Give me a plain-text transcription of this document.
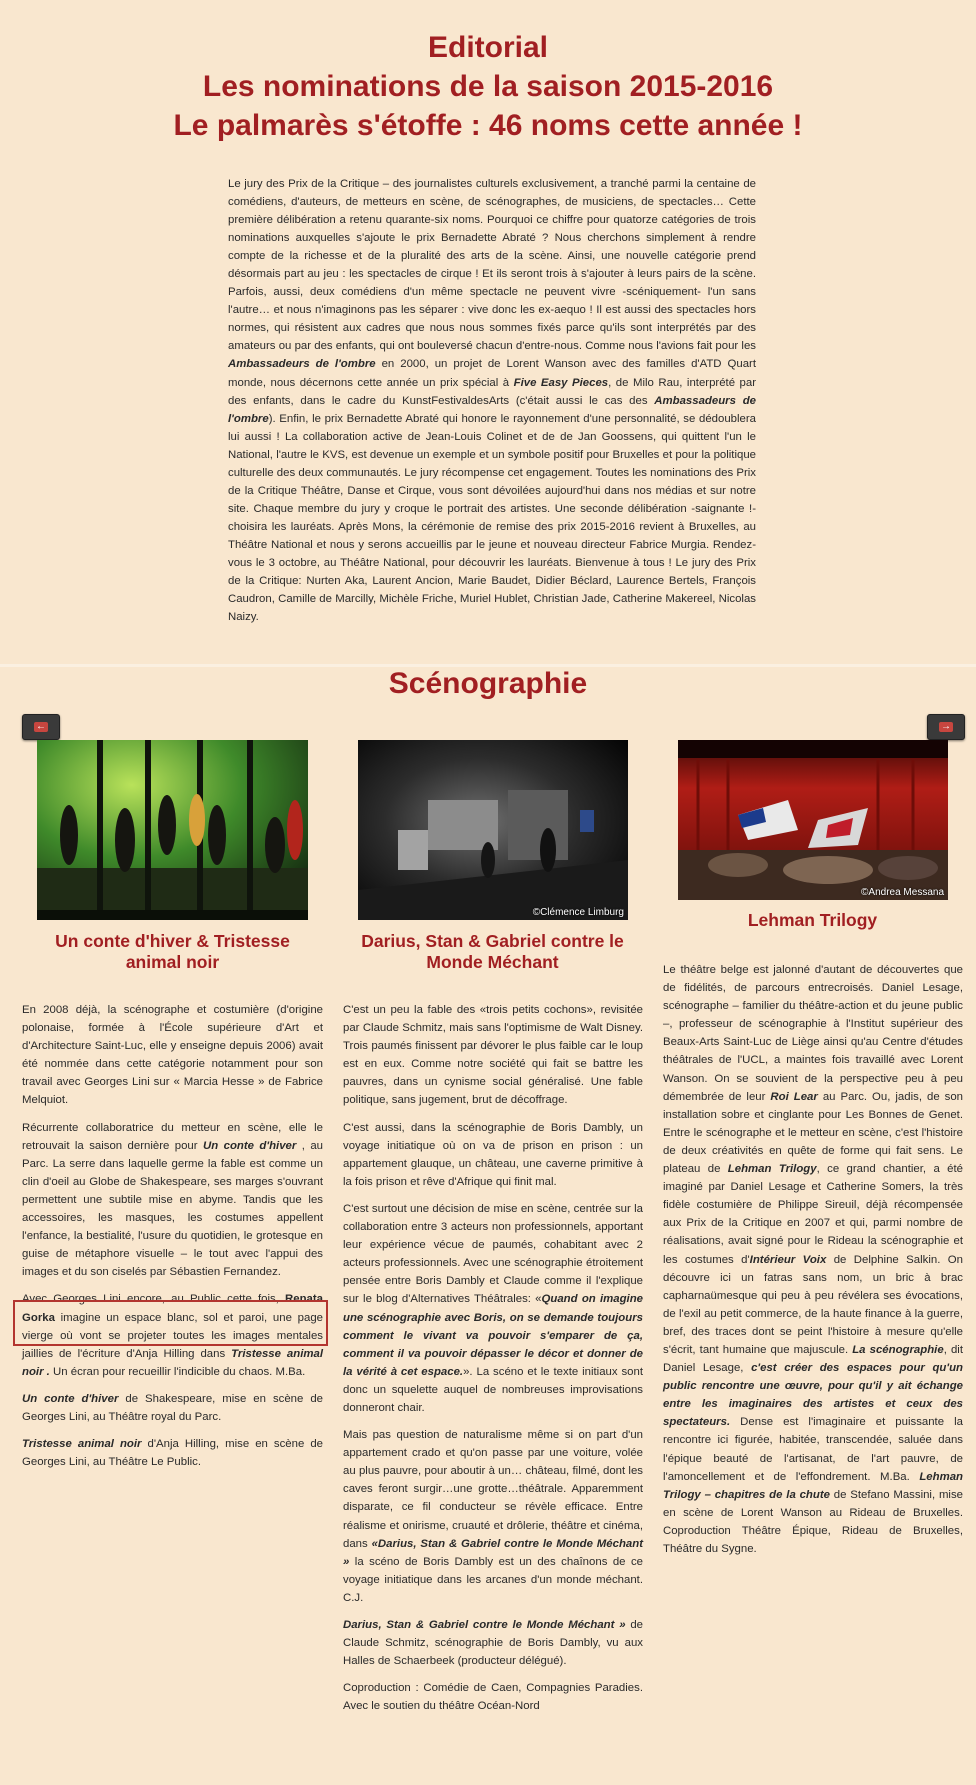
Editorial
Les nominations de la saison 2015-2016
Le palmarès s'étoffe : 46 noms cette année !
Le jury des Prix de la Critique – des journalistes culturels exclusivement, a tranché parmi la centaine de comédiens, d'auteurs, de metteurs en scène, de scénographes, de musiciens, de spectacles… Cette première délibération a retenu quarante-six noms. Pourquoi ce chiffre pour quatorze catégories de trois nominations auxquelles s'ajoute le prix Bernadette Abraté ? Nous cherchons simplement à rendre compte de la richesse et de la pluralité des arts de la scène. Ainsi, une nouvelle catégorie prend désormais part au jeu : les spectacles de cirque ! Et ils seront trois à s'ajouter à leurs pairs de la scène. Parfois, aussi, deux comédiens d'un même spectacle ne peuvent vivre -scéniquement- l'un sans l'autre… et nous n'imaginons pas les séparer : vive donc les ex-aequo ! Il est aussi des spectacles hors normes, qui résistent aux cadres que nous nous sommes fixés parce qu'ils sont interprétés par des amateurs ou par des enfants, qui ont bouleversé chacun d'entre-nous. Comme nous l'avions fait pour les Ambassadeurs de l'ombre en 2000, un projet de Lorent Wanson avec des familles d'ATD Quart monde, nous décernons cette année un prix spécial à Five Easy Pieces, de Milo Rau, interprété par des enfants, dans le cadre du KunstFestivaldesArts (c'était aussi le cas des Ambassadeurs de l'ombre). Enfin, le prix Bernadette Abraté qui honore le rayonnement d'une personnalité, se dédoublera lui aussi ! La collaboration active de Jean-Louis Colinet et de de Jan Goossens, qui quittent l'un le National, l'autre le KVS, est devenue un exemple et un symbole positif pour Bruxelles et pour la politique culturelle des deux communautés. Le jury récompense cet engagement. Toutes les nominations des Prix de la Critique Théâtre, Danse et Cirque, vous sont dévoilées aujourd'hui dans nos médias et sur notre site. Chaque membre du jury y croque le portrait des artistes. Une seconde délibération -saignante !- choisira les lauréats. Après Mons, la cérémonie de remise des prix 2015-2016 revient à Bruxelles, au Théâtre National et nous y serons accueillis par le jeune et nouveau directeur Fabrice Murgia. Rendez-vous le 3 octobre, au Théâtre National, pour découvrir les lauréats. Bienvenue à tous ! Le jury des Prix de la Critique: Nurten Aka, Laurent Ancion, Marie Baudet, Didier Béclard, Laurence Bertels, François Caudron, Camille de Marcilly, Michèle Friche, Muriel Hublet, Christian Jade, Catherine Makereel, Nicolas Naizy.
Scénographie
←	→
Un conte d'hiver & Tristesse animal noir

En 2008 déjà, la scénographe et costumière (d'origine polonaise, formée à l'École supérieure d'Art et d'Architecture Saint-Luc, elle y enseigne depuis 2006) avait été nommée dans cette catégorie notamment pour son travail avec Georges Lini sur « Marcia Hesse » de Fabrice Melquiot.

Récurrente collaboratrice du metteur en scène, elle le retrouvait la saison dernière pour Un conte d'hiver , au Parc. La serre dans laquelle germe la fable est comme un clin d'oeil au Globe de Shakespeare, ses marges s'ouvrant permettent une subtile mise en abyme. Tandis que les accessoires, les masques, les costumes appellent l'enfance, la bestialité, l'usure du quotidien, le grotesque en guise de métaphore visuelle – le tout avec l'appui des images et du son ciselés par Sébastien Fernandez.

Avec Georges Lini encore, au Public cette fois, Renata Gorka imagine un espace blanc, sol et paroi, une page vierge où vont se projeter toutes les images mentales jaillies de l'écriture d'Anja Hilling dans Tristesse animal noir . Un écran pour recueillir l'indicible du chaos. M.Ba.

Un conte d'hiver de Shakespeare, mise en scène de Georges Lini, au Théâtre royal du Parc.

Tristesse animal noir d'Anja Hilling, mise en scène de Georges Lini, au Théâtre Le Public.

©Clémence Limburg
Darius, Stan & Gabriel contre le Monde Méchant

C'est un peu la fable des «trois petits cochons», revisitée par Claude Schmitz, mais sans l'optimisme de Walt Disney. Trois paumés finissent par dévorer le plus faible car le loup est en eux. Comme notre société qui fait se battre les pauvres, dans un cynisme social généralisé. Une fable politique, sans jugement, brut de décoffrage.

C'est aussi, dans la scénographie de Boris Dambly, un voyage initiatique où on va de prison en prison : un appartement glauque, un château, une caverne primitive à la fois prison et rêve d'Afrique qui finit mal.

C'est surtout une décision de mise en scène, centrée sur la collaboration entre 3 acteurs non professionnels, apportant leur expérience vécue de paumés, cohabitant avec 2 acteurs professionnels. Avec une scénographie étroitement pensée entre Boris Dambly et Claude comme il l'explique sur le blog d'Alternatives Théâtrales: «Quand on imagine une scénographie avec Boris, on se demande toujours comment le vivant va pouvoir s'emparer de ça, comment il va pouvoir dépasser le décor et donner de la vérité à cet espace.». La scéno et le texte initiaux sont donc un squelette auquel de nombreuses improvisations donneront chair.

Mais pas question de naturalisme même si on part d'un appartement crado et qu'on passe par une voiture, volée au plus pauvre, pour aboutir à un… château, filmé, dont les caves feront surgir…une grotte…théâtrale. Apparemment disparate, ce fil conducteur se révèle efficace. Entre réalisme et onirisme, cruauté et drôlerie, théâtre et cinéma, dans «Darius, Stan & Gabriel contre le Monde Méchant » la scéno de Boris Dambly est un des chaînons de ce voyage initiatique dans les arcanes d'un monde méchant. C.J.

Darius, Stan & Gabriel contre le Monde Méchant » de Claude Schmitz, scénographie de Boris Dambly, vu aux Halles de Schaerbeek (producteur délégué).

Coproduction : Comédie de Caen, Compagnies Paradies. Avec le soutien du théâtre Océan-Nord

©Andrea Messana
Lehman Trilogy

Le théâtre belge est jalonné d'autant de découvertes que de fidélités, de parcours entrecroisés. Daniel Lesage, scénographe – familier du théâtre-action et du jeune public –, professeur de scénographie à l'Institut supérieur des Beaux-Arts Saint-Luc de Liège ainsi qu'au Centre d'études théâtrales de l'UCL, a maintes fois travaillé avec Lorent Wanson. On se souvient de la perspective peu à peu démembrée de leur Roi Lear au Parc. Ou, jadis, de son installation sobre et cinglante pour Les Bonnes de Genet. Entre le scénographe et le metteur en scène, c'est l'histoire de deux créativités en quête de forme qui fait sens. Le plateau de Lehman Trilogy, ce grand chantier, a été imaginé par Daniel Lesage et Catherine Somers, la très fidèle costumière de Philippe Sireuil, déjà récompensée aux Prix de la Critique en 2007 et qui, parmi nombre de réalisations, avait signé pour le Rideau la scénographie et les costumes d'Intérieur Voix de Delphine Salkin. On découvre ici un fatras sans nom, un bric à brac capharnaümesque qui peu à peu révélera ses évocations, de l'exil au petit commerce, de la haute finance à la guerre, bref, des traces dont se peint l'histoire à mesure qu'elle s'écrit, tant humaine que majuscule. La scénographie, dit Daniel Lesage, c'est créer des espaces pour qu'un public rencontre une œuvre, pour qu'il y ait échange entre les imaginaires des artistes et ceux des spectateurs. Dense est l'imaginaire et puissante la rencontre ici figurée, habitée, transcendée, saluée dans l'épique beauté de l'artisanat, de l'art pauvre, de l'amoncellement et de l'effondrement. M.Ba. Lehman Trilogy – chapitres de la chute de Stefano Massini, mise en scène de Lorent Wanson au Rideau de Bruxelles. Coproduction Théâtre Épique, Rideau de Bruxelles, Théâtre du Sygne.
